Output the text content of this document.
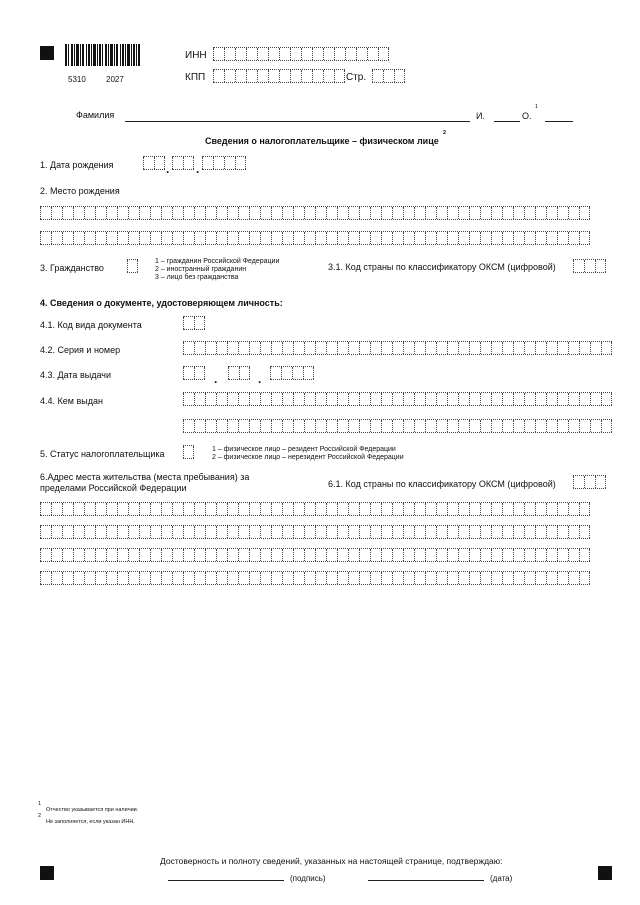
5310	2027
ИНН
КПП	Стр.
Фамилия	И.	О.
1
Сведения о налогоплательщике – физическом лице
2
1. Дата рождения	. .
2. Место рождения
3. Гражданство
1 – гражданин Российской Федерации
2 – иностранный гражданин
3 – лицо без гражданства
3.1. Код страны по классификатору ОКСМ (цифровой)
4. Сведения о документе, удостоверяющем личность:
4.1. Код вида документа
4.2. Серия и номер
4.3. Дата выдачи	.	.
4.4. Кем выдан
5. Статус налогоплательщика	1 – физическое лицо – резидент Российской Федерации
2 – физическое лицо – нерезидент Российской Федерации
6.Адрес места жительства (места пребывания) за
пределами Российской Федерации	6.1. Код страны по классификатору ОКСМ (цифровой)
1
Отчество указывается при наличии.
2
Не заполняется, если указан ИНН.
Достоверность и полноту сведений, указанных на настоящей странице, подтверждаю:
(подпись)	(дата)
